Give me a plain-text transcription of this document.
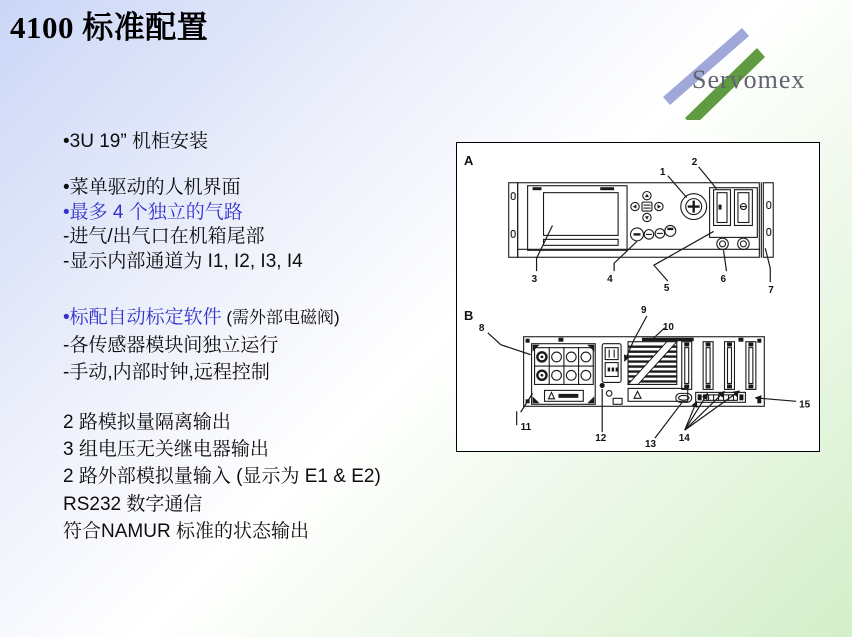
4100 标准配置
Servomex

•3U 19” 机柜安装

•菜单驱动的人机界面

•最多 4 个独立的气路

-进气/出气口在机箱尾部

-显示内部通道为 I1, I2, I3, I4

•标配自动标定软件 (需外部电磁阀)

-各传感器模块间独立运行

-手动,内部时钟,远程控制

2 路模拟量隔离输出

3 组电压无关继电器输出

2 路外部模拟量输入 (显示为 E1 & E2)

RS232 数字通信

符合NAMUR 标准的状态输出

A
1
2
3	4
5
6
7
B
8
9
10
11
12
13
14
15
